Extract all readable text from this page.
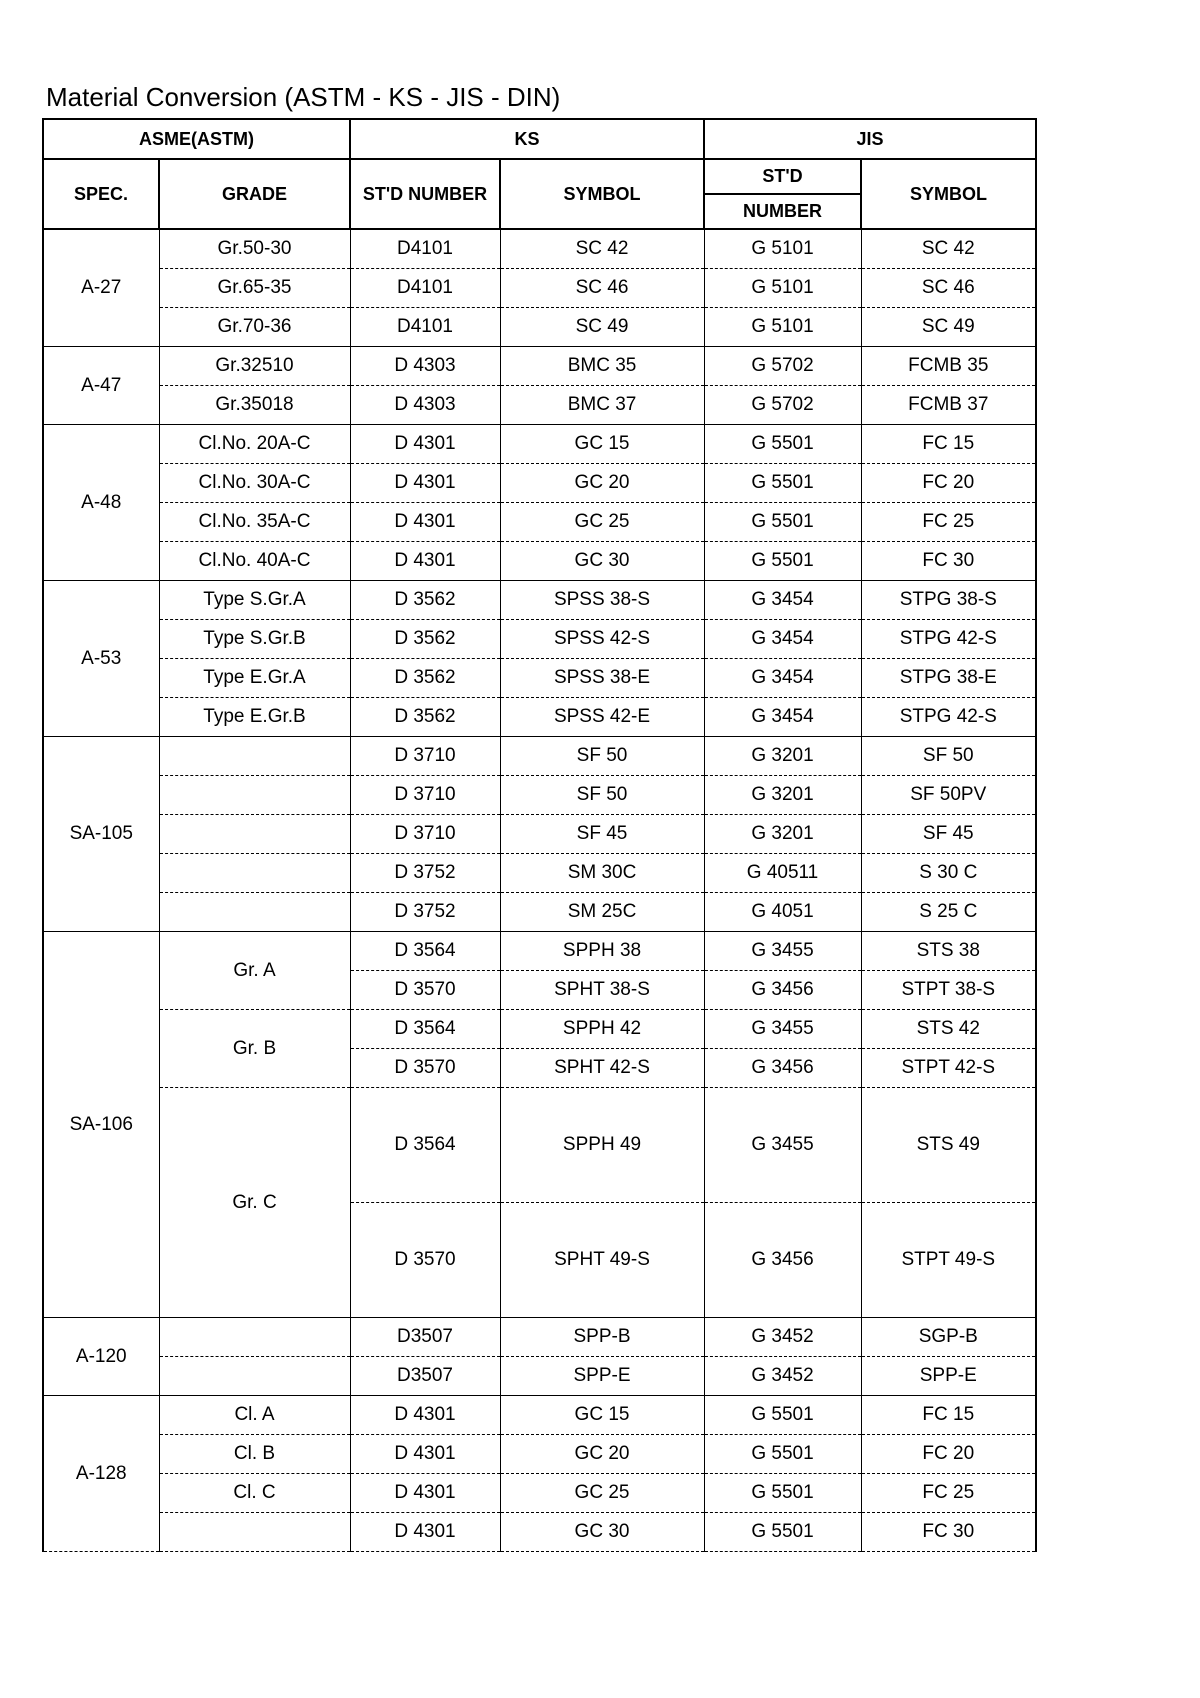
Material Conversion (ASTM - KS - JIS - DIN)
ASME(ASTM)		KS		JIS	
SPEC.	GRADE	ST'D NUMBER	SYMBOL	ST'D	SYMBOL
				NUMBER	
A-27	Gr.50-30	D4101	SC 42	G 5101	SC 42
	Gr.65-35	D4101	SC 46	G 5101	SC 46
	Gr.70-36	D4101	SC 49	G 5101	SC 49
A-47	Gr.32510	D 4303	BMC 35	G 5702	FCMB 35
	Gr.35018	D 4303	BMC 37	G 5702	FCMB 37
A-48	Cl.No. 20A-C	D 4301	GC 15	G 5501	FC 15
	Cl.No. 30A-C	D 4301	GC 20	G 5501	FC 20
	Cl.No. 35A-C	D 4301	GC 25	G 5501	FC 25
	Cl.No. 40A-C	D 4301	GC 30	G 5501	FC 30
A-53	Type S.Gr.A	D 3562	SPSS 38-S	G 3454	STPG 38-S
	Type S.Gr.B	D 3562	SPSS 42-S	G 3454	STPG 42-S
	Type E.Gr.A	D 3562	SPSS 38-E	G 3454	STPG 38-E
	Type E.Gr.B	D 3562	SPSS 42-E	G 3454	STPG 42-S
SA-105		D 3710	SF 50	G 3201	SF 50
		D 3710	SF 50	G 3201	SF 50PV
		D 3710	SF 45	G 3201	SF 45
		D 3752	SM 30C	G 40511	S 30 C
		D 3752	SM 25C	G 4051	S 25 C
SA-106	Gr. A	D 3564	SPPH 38	G 3455	STS 38
		D 3570	SPHT 38-S	G 3456	STPT 38-S
	Gr. B	D 3564	SPPH 42	G 3455	STS 42
		D 3570	SPHT 42-S	G 3456	STPT 42-S
	Gr. C	D 3564	SPPH 49	G 3455	STS 49
		D 3570	SPHT 49-S	G 3456	STPT 49-S
A-120		D3507	SPP-B	G 3452	SGP-B
		D3507	SPP-E	G 3452	SPP-E
A-128	Cl. A	D 4301	GC 15	G 5501	FC 15
	Cl. B	D 4301	GC 20	G 5501	FC 20
	Cl. C	D 4301	GC 25	G 5501	FC 25
		D 4301	GC 30	G 5501	FC 30
